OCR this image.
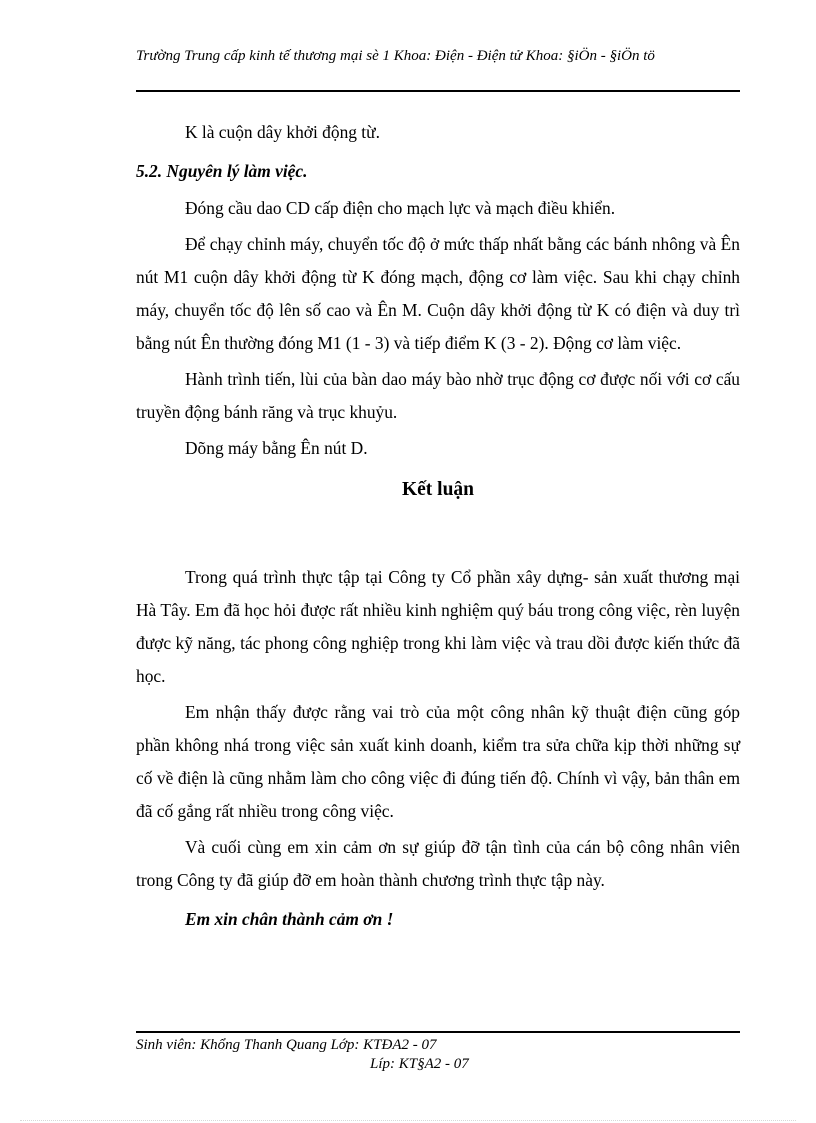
Trường Trung cấp kinh tế thương mại sè 1 Khoa: Điện - Điện tử Khoa: §iÖn - §iÖn tö

K là cuộn dây khởi động từ.

5.2. Nguyên lý làm việc.

Đóng cầu dao CD cấp điện cho mạch lực và mạch điều khiển.

Để chạy chỉnh máy, chuyển tốc độ ở mức thấp nhất bằng các bánh nhông và Ên nút M1 cuộn dây khởi động từ K đóng mạch, động cơ làm việc. Sau khi chạy chỉnh máy, chuyển tốc độ lên số cao và Ên M. Cuộn dây khởi động từ K có điện và duy trì bằng nút Ên thường đóng M1 (1 - 3) và tiếp điểm K (3 - 2). Động cơ làm việc.

Hành trình tiến, lùi của bàn dao máy bào nhờ trục động cơ được nối với cơ cấu truyền động bánh răng và trục khuỷu.

Dõng máy bằng Ên nút D.

Kết luận

Trong quá trình thực tập tại Công ty Cổ phần xây dựng- sản xuất thương mại Hà Tây. Em đã học hỏi được rất nhiều kinh nghiệm quý báu trong công việc, rèn luyện được kỹ năng, tác phong công nghiệp trong khi làm việc và trau dồi được kiến thức đã học.

Em nhận thấy được rằng vai trò của một công nhân kỹ thuật điện cũng góp phần không nhá trong việc sản xuất kinh doanh, kiểm tra sửa chữa kịp thời những sự cố về điện là cũng nhằm làm cho công việc đi đúng tiến độ. Chính vì vậy, bản thân em đã cố gắng rất nhiều trong công việc.

Và cuối cùng em xin cảm ơn sự giúp đỡ tận tình của cán bộ công nhân viên trong Công ty đã giúp đỡ em hoàn thành chương trình thực tập này.

Em xin chân thành cảm ơn !

Sinh viên: Khổng Thanh Quang Lớp: KTĐA2 - 07
Líp: KT§A2 - 07
